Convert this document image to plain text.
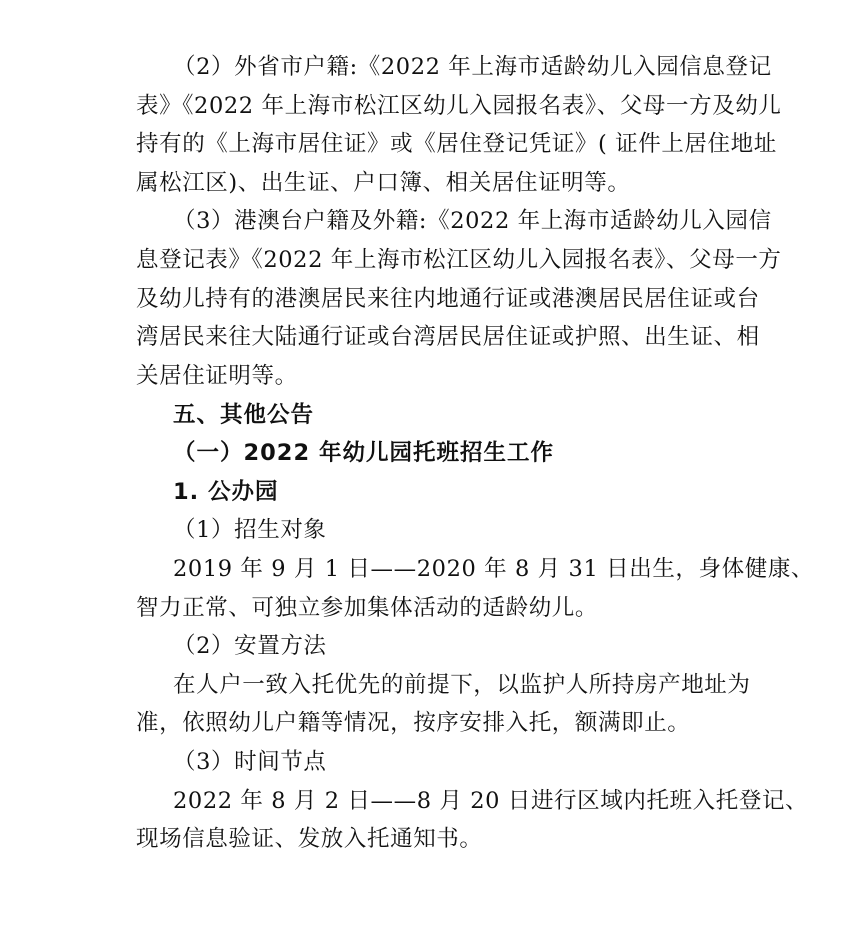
（2）外省市户籍:《2022 年上海市适龄幼儿入园信息登记
表》《2022 年上海市松江区幼儿入园报名表》、父母一方及幼儿
持有的《上海市居住证》或《居住登记凭证》( 证件上居住地址
属松江区)、出生证、户口簿、相关居住证明等。
（3）港澳台户籍及外籍:《2022 年上海市适龄幼儿入园信
息登记表》《2022 年上海市松江区幼儿入园报名表》、父母一方
及幼儿持有的港澳居民来往内地通行证或港澳居民居住证或台
湾居民来往大陆通行证或台湾居民居住证或护照、出生证、相
关居住证明等。
五、其他公告
（一）2022 年幼儿园托班招生工作
1. 公办园
（1）招生对象
2019 年 9 月 1 日——2020 年 8 月 31 日出生，身体健康、
智力正常、可独立参加集体活动的适龄幼儿。
（2）安置方法
在人户一致入托优先的前提下，以监护人所持房产地址为
准，依照幼儿户籍等情况，按序安排入托，额满即止。
（3）时间节点
2022 年 8 月 2 日——8 月 20 日进行区域内托班入托登记、
现场信息验证、发放入托通知书。
